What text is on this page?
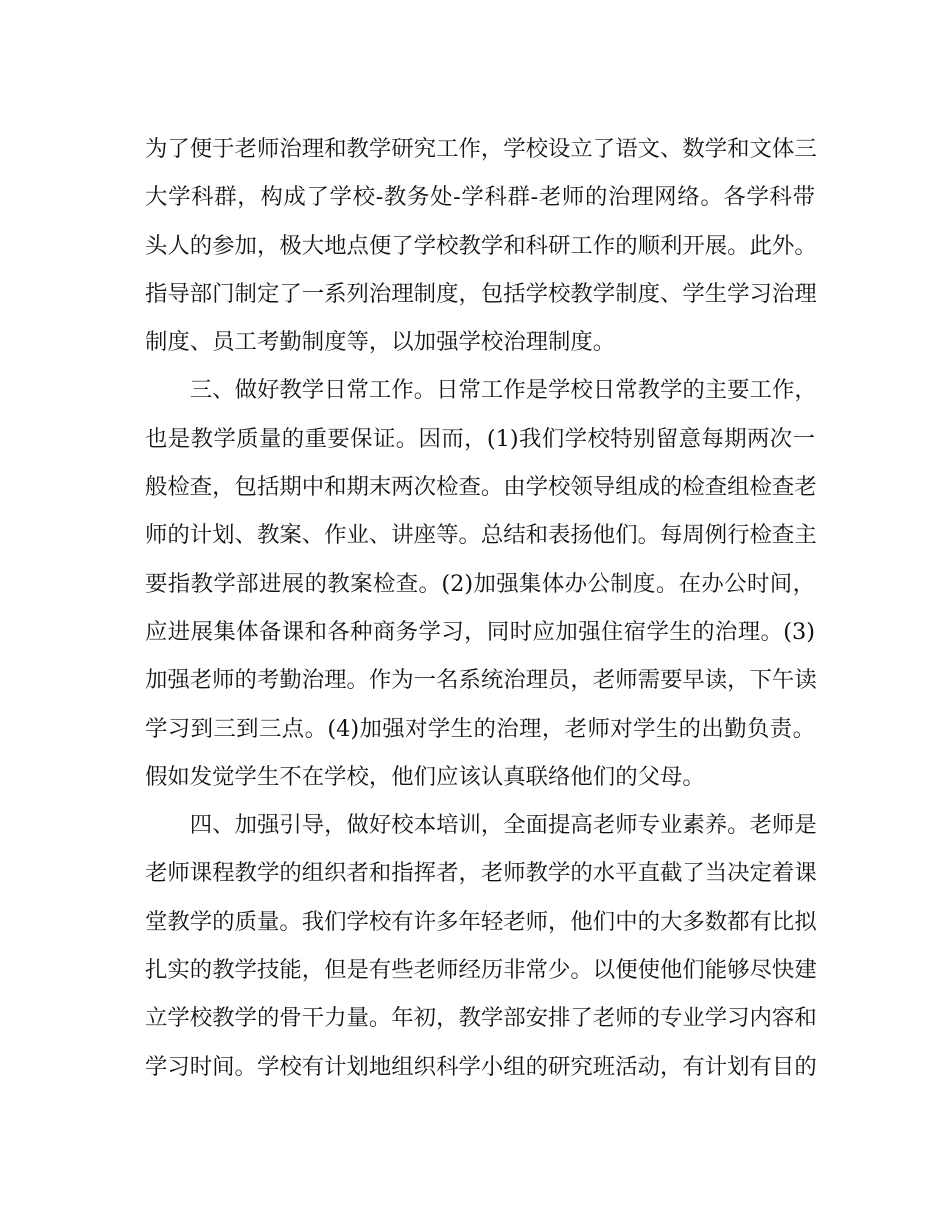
为了便于老师治理和教学研究工作，学校设立了语文、数学和文体三
大学科群，构成了学校-教务处-学科群-老师的治理网络。各学科带
头人的参加，极大地点便了学校教学和科研工作的顺利开展。此外。
指导部门制定了一系列治理制度，包括学校教学制度、学生学习治理
制度、员工考勤制度等，以加强学校治理制度。
三、做好教学日常工作。日常工作是学校日常教学的主要工作，
也是教学质量的重要保证。因而，(1)我们学校特别留意每期两次一
般检查，包括期中和期末两次检查。由学校领导组成的检查组检查老
师的计划、教案、作业、讲座等。总结和表扬他们。每周例行检查主
要指教学部进展的教案检查。(2)加强集体办公制度。在办公时间，
应进展集体备课和各种商务学习，同时应加强住宿学生的治理。(3)
加强老师的考勤治理。作为一名系统治理员，老师需要早读，下午读
学习到三到三点。(4)加强对学生的治理，老师对学生的出勤负责。
假如发觉学生不在学校，他们应该认真联络他们的父母。
四、加强引导，做好校本培训，全面提高老师专业素养。老师是
老师课程教学的组织者和指挥者，老师教学的水平直截了当决定着课
堂教学的质量。我们学校有许多年轻老师，他们中的大多数都有比拟
扎实的教学技能，但是有些老师经历非常少。以便使他们能够尽快建
立学校教学的骨干力量。年初，教学部安排了老师的专业学习内容和
学习时间。学校有计划地组织科学小组的研究班活动，有计划有目的
